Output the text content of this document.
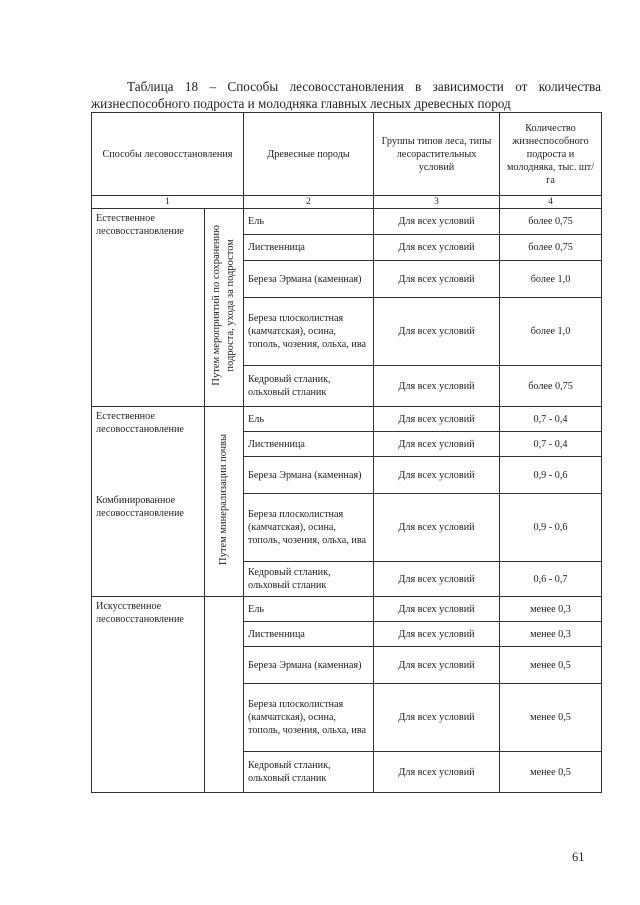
Таблица 18 – Способы лесовосстановления в зависимости от количества
жизнеспособного подроста и молодняка главных лесных древесных пород
Способы лесовосстановления		Древесные породы	Группы типов леса, типы лесорастительных условий	Количество жизнеспособного подроста и молодняка, тыс. шт/га
1		2	3	4

Естественное лесовосстановление	Путем мероприятий по сохранению подроста, ухода за подростом	Ель	Для всех условий	более 0,75
		Лиственница	Для всех условий	более 0,75
		Береза Эрмана (каменная)	Для всех условий	более 1,0
		Береза плосколистная (камчатская), осина, тополь, чозения, ольха, ива	Для всех условий	более 1,0
		Кедровый стланик, ольховый стланик	Для всех условий	более 0,75

Естественное лесовосстановление
Комбинированное лесовосстановление	Путем минерализации почвы	Ель	Для всех условий	0,7 - 0,4
		Лиственница	Для всех условий	0,7 - 0,4
		Береза Эрмана (каменная)	Для всех условий	0,9 - 0,6
		Береза плосколистная (камчатская), осина, тополь, чозения, ольха, ива	Для всех условий	0,9 - 0,6
		Кедровый стланик, ольховый стланик	Для всех условий	0,6 - 0,7

Искусственное лесовосстановление		Ель	Для всех условий	менее 0,3
		Лиственница	Для всех условий	менее 0,3
		Береза Эрмана (каменная)	Для всех условий	менее 0,5
		Береза плосколистная (камчатская), осина, тополь, чозения, ольха, ива	Для всех условий	менее 0,5
		Кедровый стланик, ольховый стланик	Для всех условий	менее 0,5
61
